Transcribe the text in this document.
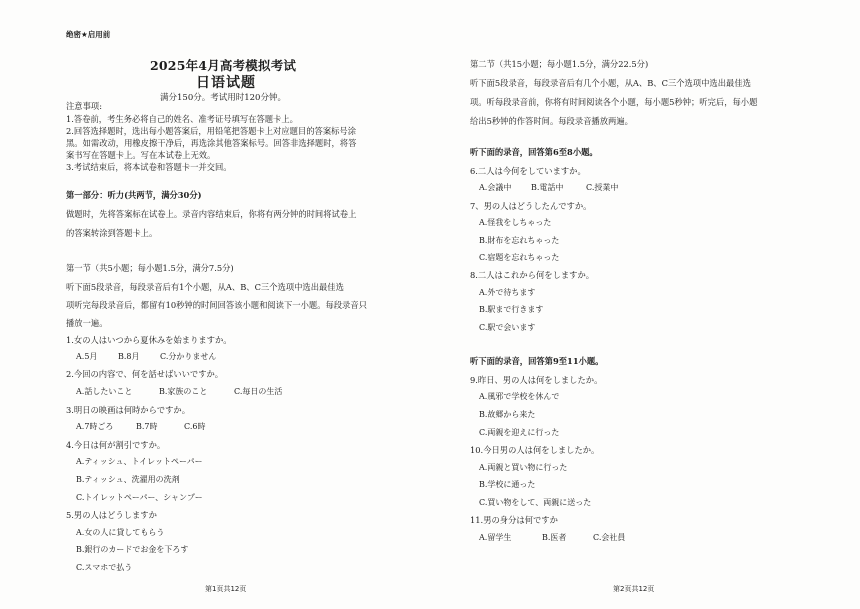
绝密★启用前
2025年4月高考模拟考试
日语试题
满分150分。考试用时120分钟。
注意事项:
1.答卷前，考生务必将自己的姓名、准考证号填写在答题卡上。
2.回答选择题时，选出每小题答案后，用铅笔把答题卡上对应题目的答案标号涂
黑。如需改动，用橡皮擦干净后，再选涂其他答案标号。回答非选择题时，将答
案书写在答题卡上。写在本试卷上无效。
3.考试结束后，将本试卷和答题卡一并交回。
第一部分：听力(共两节，满分30分)
做题时，先将答案标在试卷上。录音内容结束后，你将有两分钟的时间将试卷上
的答案转涂到答题卡上。
第一节（共5小题；每小题1.5分，满分7.5分)
听下面5段录音，每段录音后有1个小题，从A、B、C三个选项中选出最佳选
项听完每段录音后，都留有10秒钟的时间回答该小题和阅读下一小题。每段录音只
播放一遍。
1.女の人はいつから夏休みを始まりますか。
A.5月	B.8月	C.分かりません
2.今回の内容で、何を話せばいいですか。
A.話したいこと	B.家族のこと	C.毎日の生活
3.明日の映画は何時からですか。
A.7時ごろ	B.7時	C.6時
4.今日は何が割引ですか。
A.ティッシュ、トイレットペーパー
B.ティッシュ、洗濯用の洗剤
C.トイレットペーパー、シャンプー
5.男の人はどうしますか
A.女の人に貸してもらう
B.銀行のカードでお金を下ろす
C.スマホで払う
第1页共12页
第二节（共15小题；每小题1.5分，满分22.5分)
听下面5段录音，每段录音后有几个小题，从A、B、C三个选项中选出最佳选
项。听每段录音前，你将有时间阅读各个小题，每小题5秒钟；听完后，每小题
给出5秒钟的作答时间。每段录音播放两遍。
听下面的录音，回答第6至8小题。
6.二人は今何をしていますか。
A.会議中 B.電話中	C.授業中
7、男の人はどうしたんですか。
A.怪我をしちゃった
B.財布を忘れちゃった
C.宿題を忘れちゃった
8.二人はこれから何をしますか。
A.外で待ちます
B.駅まで行きます
C.駅で会います
听下面的录音，回答第9至11小题。
9.昨日、男の人は何をしましたか。
A.風邪で学校を休んで
B.故郷から来た
C.両親を迎えに行った
10.今日男の人は何をしましたか。
A.両親と買い物に行った
B.学校に通った
C.買い物をして、両親に送った
11.男の身分は何ですか
A.留学生	B.医者	C.会社員
第2页共12页
